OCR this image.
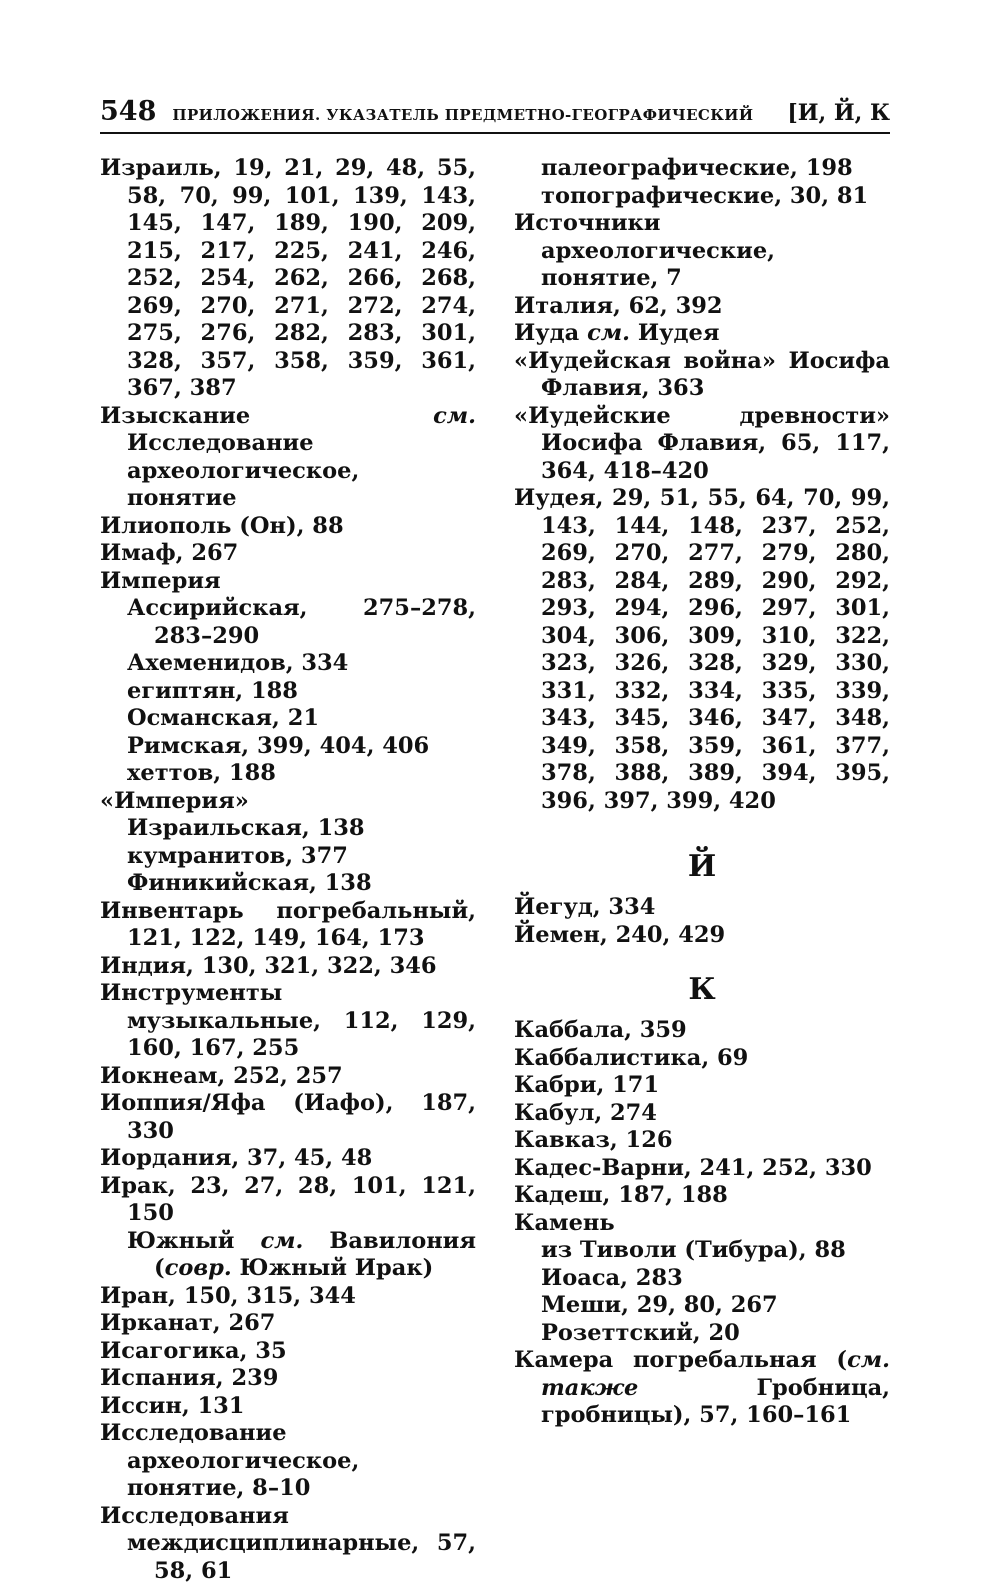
548 ПРИЛОЖЕНИЯ. УКАЗАТЕЛЬ ПРЕДМЕТНО-ГЕОГРАФИЧЕСКИЙ	[И, Й, К
Израиль, 19, 21, 29, 48, 55, 58, 70, 99, 101, 139, 143, 145, 147, 189, 190, 209, 215, 217, 225, 241, 246, 252, 254, 262, 266, 268, 269, 270, 271, 272, 274, 275, 276, 282, 283, 301, 328, 357, 358, 359, 361, 367, 387
Изыскание см. Исследование археологическое, понятие
Илиополь (Он), 88
Имаф, 267
Империя
Ассирийская, 275–278, 283–290
Ахеменидов, 334
египтян, 188
Османская, 21
Римская, 399, 404, 406
хеттов, 188
«Империя»
Израильская, 138
кумранитов, 377
Финикийская, 138
Инвентарь погребальный, 121, 122, 149, 164, 173
Индия, 130, 321, 322, 346
Инструменты музыкальные, 112, 129, 160, 167, 255
Иокнеам, 252, 257
Иоппия/Яфа (Иафо), 187, 330
Иордания, 37, 45, 48
Ирак, 23, 27, 28, 101, 121, 150
Южный см. Вавилония (совр. Южный Ирак)
Иран, 150, 315, 344
Ирканат, 267
Исагогика, 35
Испания, 239
Иссин, 131
Исследование археологическое, понятие, 8–10
Исследования
междисциплинарные, 57, 58, 61
палеографические, 198
топографические, 30, 81
Источники археологические, понятие, 7
Италия, 62, 392
Иуда см. Иудея
«Иудейская война» Иосифа Флавия, 363
«Иудейские древности» Иосифа Флавия, 65, 117, 364, 418–420
Иудея, 29, 51, 55, 64, 70, 99, 143, 144, 148, 237, 252, 269, 270, 277, 279, 280, 283, 284, 289, 290, 292, 293, 294, 296, 297, 301, 304, 306, 309, 310, 322, 323, 326, 328, 329, 330, 331, 332, 334, 335, 339, 343, 345, 346, 347, 348, 349, 358, 359, 361, 377, 378, 388, 389, 394, 395, 396, 397, 399, 420
Й
Йегуд, 334
Йемен, 240, 429
К
Каббала, 359
Каббалистика, 69
Кабри, 171
Кабул, 274
Кавказ, 126
Кадес-Варни, 241, 252, 330
Кадеш, 187, 188
Камень
из Тиволи (Тибура), 88
Иоаса, 283
Меши, 29, 80, 267
Розеттский, 20
Камера погребальная (см. также Гробница, гробницы), 57, 160–161
